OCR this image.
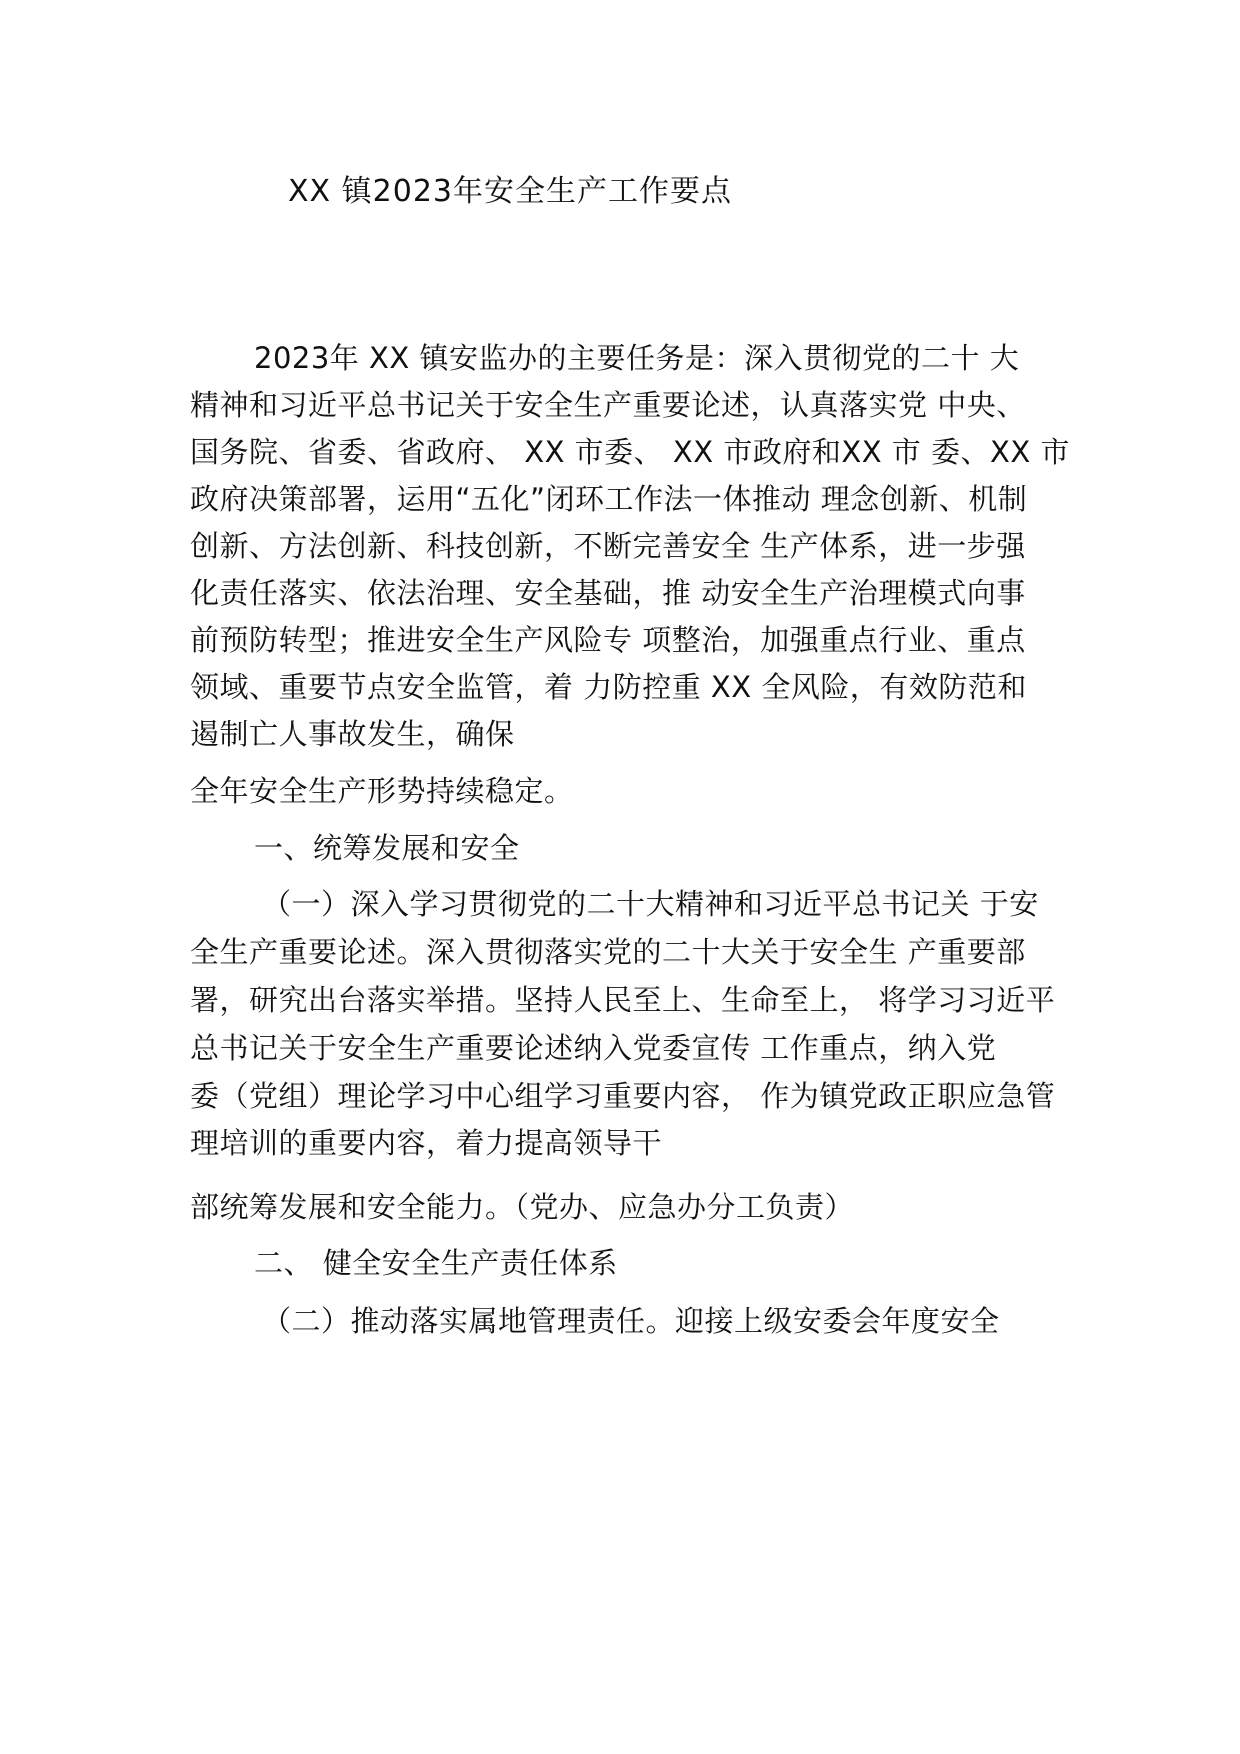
XX 镇2023年安全生产工作要点
2023年 XX 镇安监办的主要任务是：深入贯彻党的二十 大
精神和习近平总书记关于安全生产重要论述，认真落实党 中央、
国务院、省委、省政府、 XX 市委、 XX 市政府和XX 市 委、XX 市
政府决策部署，运用“五化”闭环工作法一体推动 理念创新、机制
创新、方法创新、科技创新，不断完善安全 生产体系，进一步强
化责任落实、依法治理、安全基础，推 动安全生产治理模式向事
前预防转型；推进安全生产风险专 项整治，加强重点行业、重点
领域、重要节点安全监管，着 力防控重 XX 全风险，有效防范和
遏制亡人事故发生，确保
全年安全生产形势持续稳定。
一、统筹发展和安全
（一）深入学习贯彻党的二十大精神和习近平总书记关 于安
全生产重要论述。深入贯彻落实党的二十大关于安全生 产重要部
署，研究出台落实举措。坚持人民至上、生命至上， 将学习习近平
总书记关于安全生产重要论述纳入党委宣传 工作重点，纳入党
委（党组）理论学习中心组学习重要内容， 作为镇党政正职应急管
理培训的重要内容，着力提高领导干
部统筹发展和安全能力。（党办、应急办分工负责）
二、 健全安全生产责任体系
（二）推动落实属地管理责任。迎接上级安委会年度安全
